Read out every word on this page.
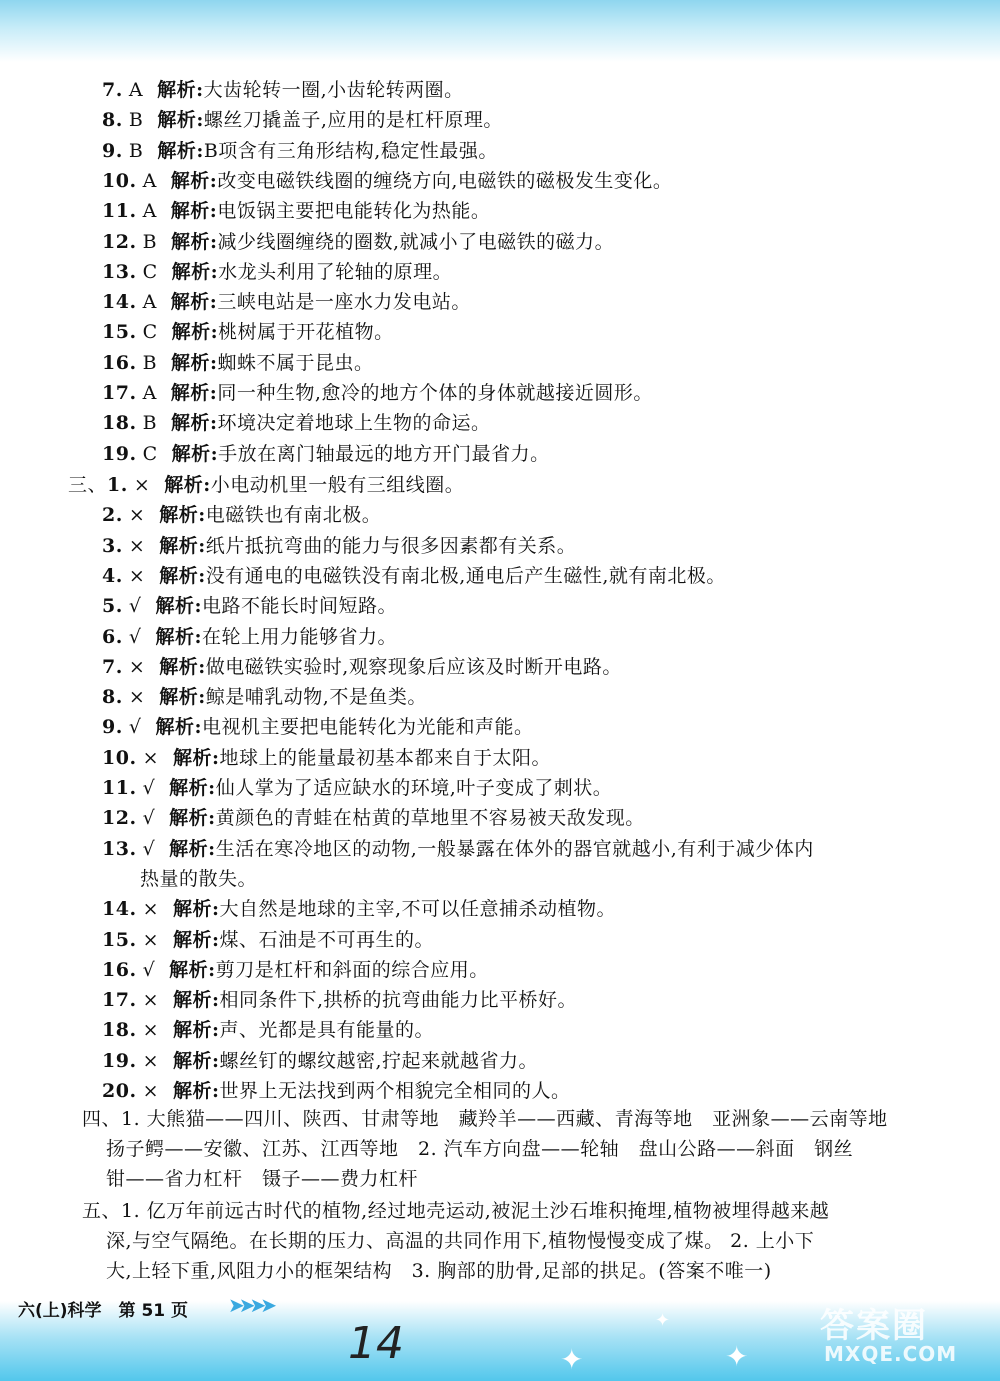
✦	✦
✦
7. A 解析:大齿轮转一圈,小齿轮转两圈。
8. B 解析:螺丝刀撬盖子,应用的是杠杆原理。
9. B 解析:B项含有三角形结构,稳定性最强。
10. A 解析:改变电磁铁线圈的缠绕方向,电磁铁的磁极发生变化。
11. A 解析:电饭锅主要把电能转化为热能。
12. B 解析:减少线圈缠绕的圈数,就减小了电磁铁的磁力。
13. C 解析:水龙头利用了轮轴的原理。
14. A 解析:三峡电站是一座水力发电站。
15. C 解析:桃树属于开花植物。
16. B 解析:蜘蛛不属于昆虫。
17. A 解析:同一种生物,愈冷的地方个体的身体就越接近圆形。
18. B 解析:环境决定着地球上生物的命运。
19. C 解析:手放在离门轴最远的地方开门最省力。
三、1. × 解析:小电动机里一般有三组线圈。
2. × 解析:电磁铁也有南北极。
3. × 解析:纸片抵抗弯曲的能力与很多因素都有关系。
4. × 解析:没有通电的电磁铁没有南北极,通电后产生磁性,就有南北极。
5. √ 解析:电路不能长时间短路。
6. √ 解析:在轮上用力能够省力。
7. × 解析:做电磁铁实验时,观察现象后应该及时断开电路。
8. × 解析:鲸是哺乳动物,不是鱼类。
9. √ 解析:电视机主要把电能转化为光能和声能。
10. × 解析:地球上的能量最初基本都来自于太阳。
11. √ 解析:仙人掌为了适应缺水的环境,叶子变成了刺状。
12. √ 解析:黄颜色的青蛙在枯黄的草地里不容易被天敌发现。
13. √ 解析:生活在寒冷地区的动物,一般暴露在体外的器官就越小,有利于减少体内
热量的散失。
14. × 解析:大自然是地球的主宰,不可以任意捕杀动植物。
15. × 解析:煤、石油是不可再生的。
16. √ 解析:剪刀是杠杆和斜面的综合应用。
17. × 解析:相同条件下,拱桥的抗弯曲能力比平桥好。
18. × 解析:声、光都是具有能量的。
19. × 解析:螺丝钉的螺纹越密,拧起来就越省力。
20. × 解析:世界上无法找到两个相貌完全相同的人。
四、1. 大熊猫——四川、陕西、甘肃等地　藏羚羊——西藏、青海等地　亚洲象——云南等地
扬子鳄——安徽、江苏、江西等地　2. 汽车方向盘——轮轴　盘山公路——斜面　钢丝
钳——省力杠杆　镊子——费力杠杆
五、1. 亿万年前远古时代的植物,经过地壳运动,被泥土沙石堆积掩埋,植物被埋得越来越
深,与空气隔绝。在长期的压力、高温的共同作用下,植物慢慢变成了煤。 2. 上小下
大,上轻下重,风阻力小的框架结构　3. 胸部的肋骨,足部的拱足。(答案不唯一)
六(上)科学　第 51 页 ➤➤➤➤
14	答案圈
MXQE.COM
